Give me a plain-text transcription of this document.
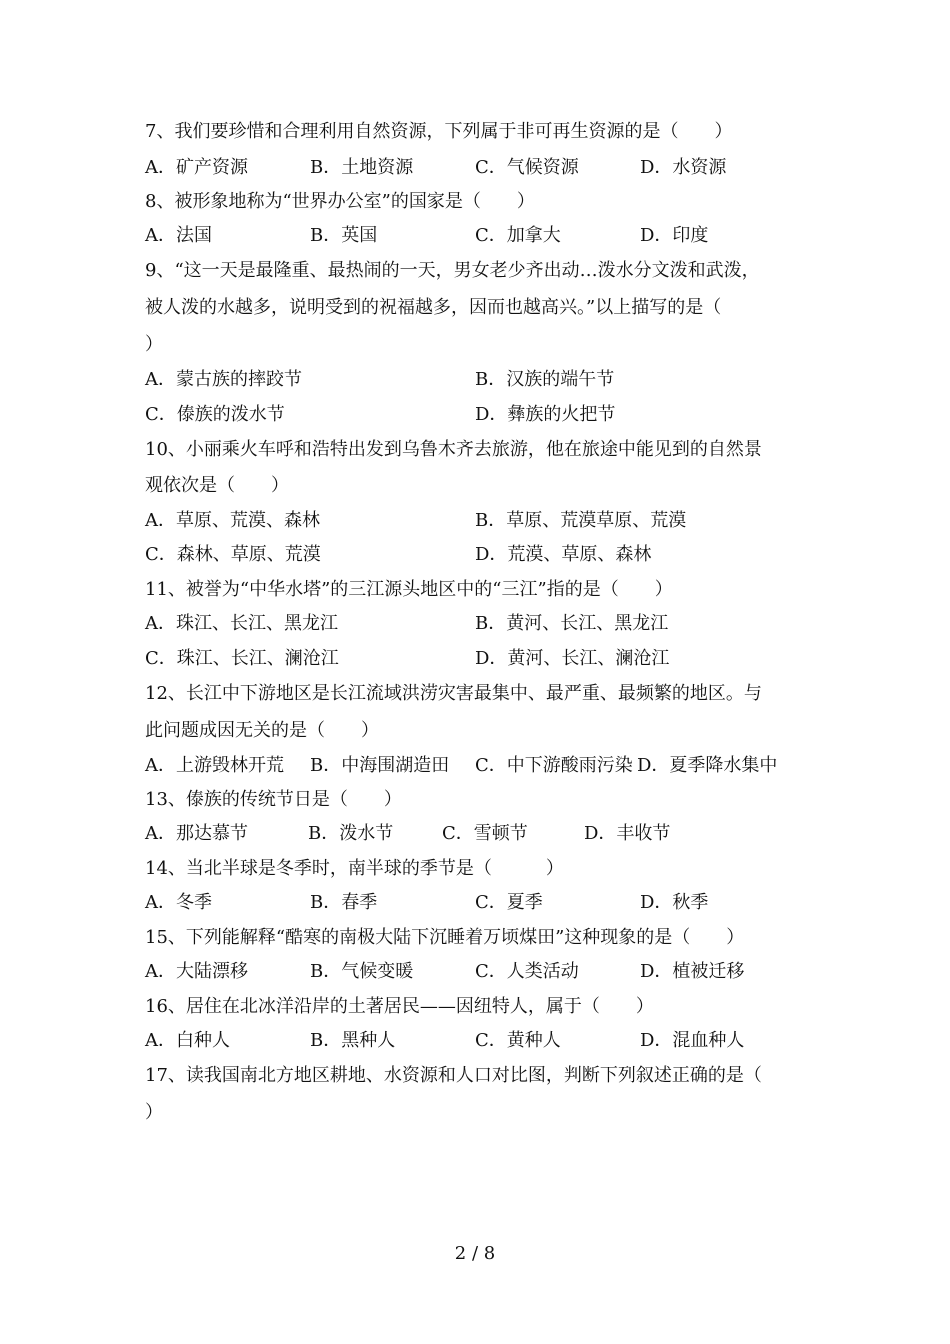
7、我们要珍惜和合理利用自然资源，下列属于非可再生资源的是（　　）
A．矿产资源	B．土地资源	C．气候资源	D．水资源
8、被形象地称为“世界办公室”的国家是（　　）
A．法国	B．英国	C．加拿大	D．印度
9、“这一天是最隆重、最热闹的一天，男女老少齐出动…泼水分文泼和武泼，
被人泼的水越多，说明受到的祝福越多，因而也越高兴。”以上描写的是（
）
A．蒙古族的摔跤节	B．汉族的端午节
C．傣族的泼水节	D．彝族的火把节
10、小丽乘火车呼和浩特出发到乌鲁木齐去旅游，他在旅途中能见到的自然景
观依次是（　　）
A．草原、荒漠、森林	B．草原、荒漠草原、荒漠
C．森林、草原、荒漠	D．荒漠、草原、森林
11、被誉为“中华水塔”的三江源头地区中的“三江”指的是（　　）
A．珠江、长江、黑龙江	B．黄河、长江、黑龙江
C．珠江、长江、澜沧江	D．黄河、长江、澜沧江
12、长江中下游地区是长江流域洪涝灾害最集中、最严重、最频繁的地区。与
此问题成因无关的是（　　）
A．上游毁林开荒 B．中海围湖造田 C．中下游酸雨污染 D．夏季降水集中
13、傣族的传统节日是（　　）
A．那达慕节	B．泼水节	C．雪顿节	D．丰收节
14、当北半球是冬季时，南半球的季节是（　　　）
A．冬季	B．春季	C．夏季	D．秋季
15、下列能解释“酷寒的南极大陆下沉睡着万顷煤田”这种现象的是（　　）
A．大陆漂移	B．气候变暖	C．人类活动	D．植被迁移
16、居住在北冰洋沿岸的土著居民——因纽特人，属于（　　）
A．白种人	B．黑种人	C．黄种人	D．混血种人
17、读我国南北方地区耕地、水资源和人口对比图，判断下列叙述正确的是（
）
2 / 8
